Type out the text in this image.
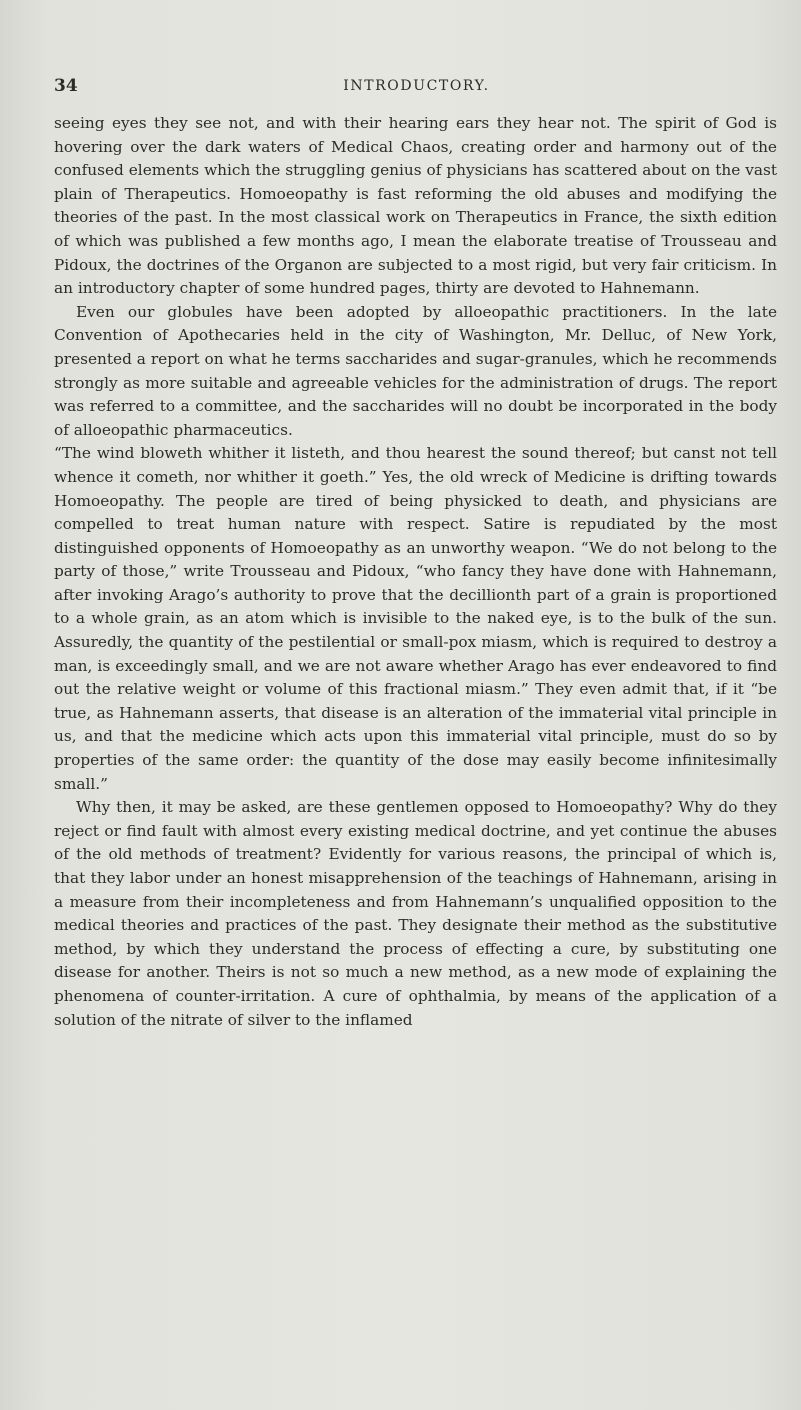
34	INTRODUCTORY.

seeing eyes they see not, and with their hearing ears they hear not. The spirit of God is hovering over the dark waters of Medical Chaos, creating order and harmony out of the confused elements which the struggling genius of physicians has scattered about on the vast plain of Therapeutics. Homoeopathy is fast reforming the old abuses and modifying the theories of the past. In the most classical work on Therapeutics in France, the sixth edition of which was published a few months ago, I mean the elaborate treatise of Trousseau and Pidoux, the doctrines of the Organon are subjected to a most rigid, but very fair criticism. In an introductory chapter of some hundred pages, thirty are devoted to Hahnemann.

Even our globules have been adopted by alloeopathic practitioners. In the late Convention of Apothecaries held in the city of Washington, Mr. Delluc, of New York, presented a report on what he terms saccharides and sugar-granules, which he recommends strongly as more suitable and agreeable vehicles for the administration of drugs. The report was referred to a committee, and the saccharides will no doubt be incorporated in the body of alloeopathic pharmaceutics.

“The wind bloweth whither it listeth, and thou hearest the sound thereof; but canst not tell whence it cometh, nor whither it goeth.” Yes, the old wreck of Medicine is drifting towards Homoeopathy. The people are tired of being physicked to death, and physicians are compelled to treat human nature with respect. Satire is repudiated by the most distinguished opponents of Homoeopathy as an unworthy weapon. “We do not belong to the party of those,” write Trousseau and Pidoux, “who fancy they have done with Hahnemann, after invoking Arago’s authority to prove that the decillionth part of a grain is proportioned to a whole grain, as an atom which is invisible to the naked eye, is to the bulk of the sun. Assuredly, the quantity of the pestilential or small-pox miasm, which is required to destroy a man, is exceedingly small, and we are not aware whether Arago has ever endeavored to find out the relative weight or volume of this fractional miasm.” They even admit that, if it “be true, as Hahnemann asserts, that disease is an alteration of the immaterial vital principle in us, and that the medicine which acts upon this immaterial vital principle, must do so by properties of the same order: the quantity of the dose may easily become infinitesimally small.”

Why then, it may be asked, are these gentlemen opposed to Homoeopathy? Why do they reject or find fault with almost every existing medical doctrine, and yet continue the abuses of the old methods of treatment? Evidently for various reasons, the principal of which is, that they labor under an honest misapprehension of the teachings of Hahnemann, arising in a measure from their incompleteness and from Hahnemann’s unqualified opposition to the medical theories and practices of the past. They designate their method as the substitutive method, by which they understand the process of effecting a cure, by substituting one disease for another. Theirs is not so much a new method, as a new mode of explaining the phenomena of counter-irritation. A cure of ophthalmia, by means of the application of a solution of the nitrate of silver to the inflamed
